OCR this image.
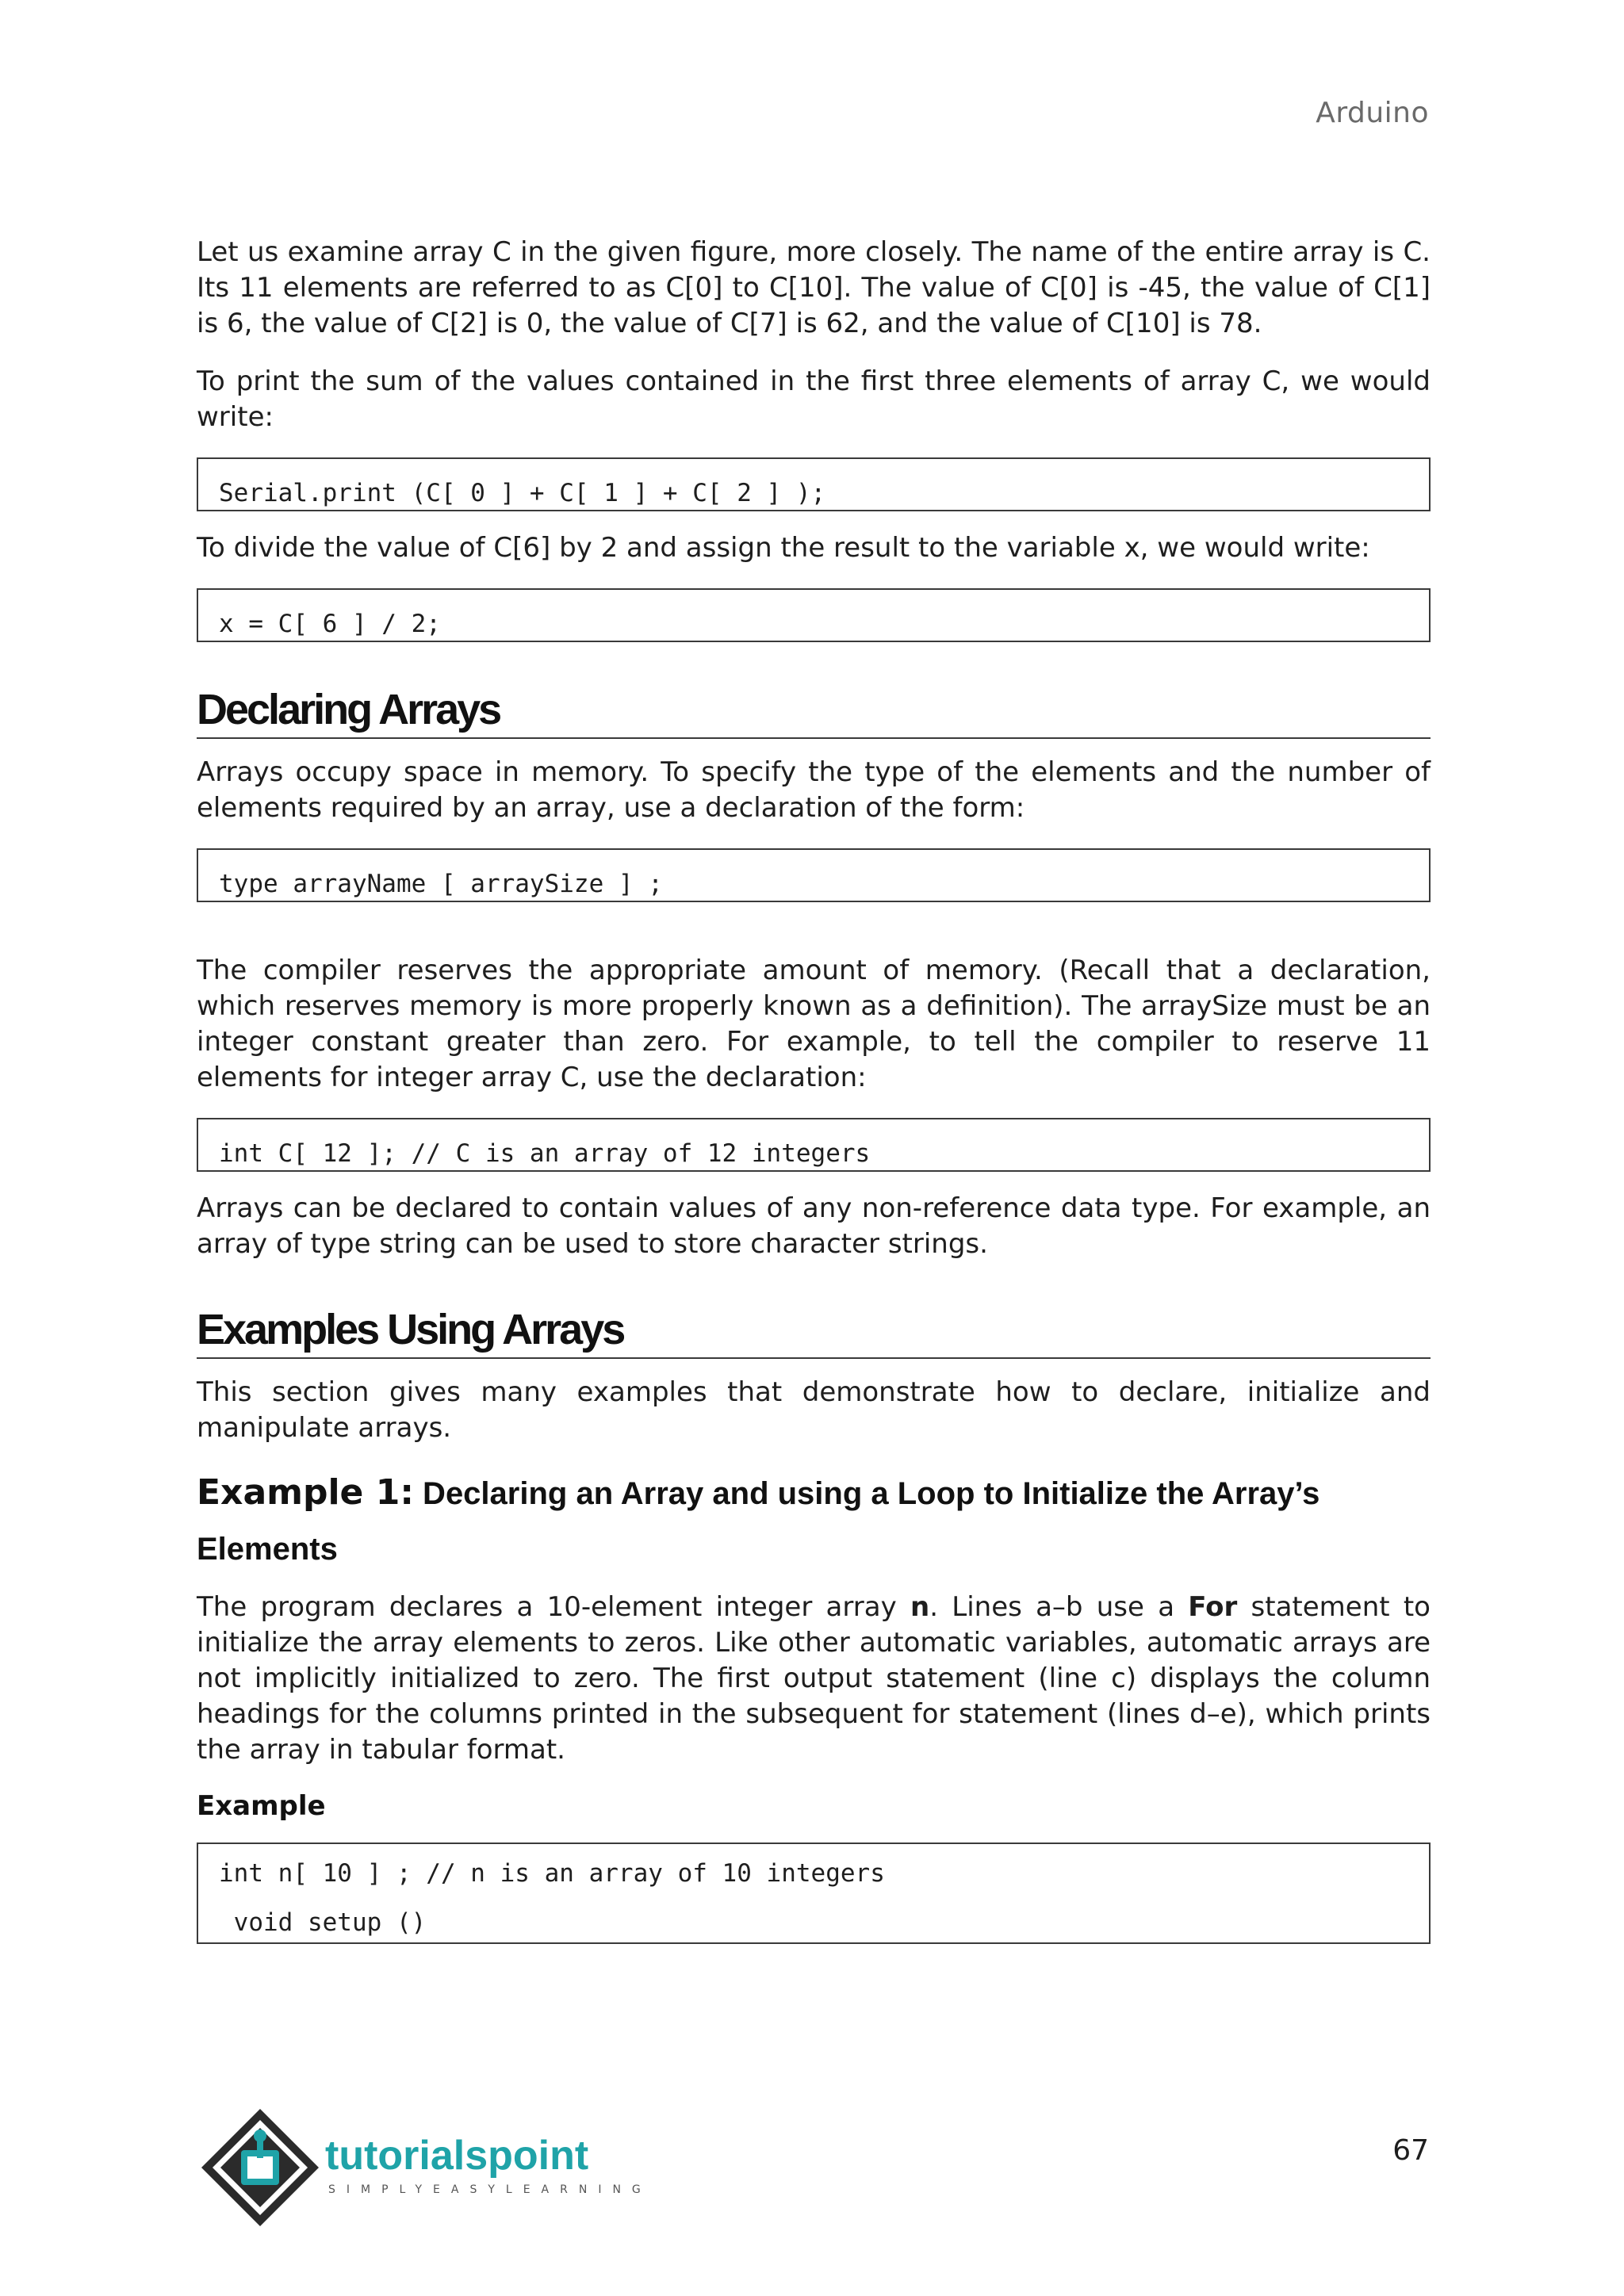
Arduino

Let us examine array C in the given figure, more closely. The name of the entire array is C. Its 11 elements are referred to as C[0] to C[10]. The value of C[0] is -45, the value of C[1] is 6, the value of C[2] is 0, the value of C[7] is 62, and the value of C[10] is 78.

To print the sum of the values contained in the first three elements of array C, we would write:

Serial.print (C[ 0 ] + C[ 1 ] + C[ 2 ] );

To divide the value of C[6] by 2 and assign the result to the variable x, we would write:

x = C[ 6 ] / 2;
Declaring Arrays

Arrays occupy space in memory. To specify the type of the elements and the number of elements required by an array, use a declaration of the form:

type arrayName [ arraySize ] ;

The compiler reserves the appropriate amount of memory. (Recall that a declaration, which reserves memory is more properly known as a definition). The arraySize must be an integer constant greater than zero. For example, to tell the compiler to reserve 11 elements for integer array C, use the declaration:

int C[ 12 ]; // C is an array of 12 integers

Arrays can be declared to contain values of any non-reference data type. For example, an array of type string can be used to store character strings.

Examples Using Arrays

This section gives many examples that demonstrate how to declare, initialize and manipulate arrays.

Example 1: Declaring an Array and using a Loop to Initialize the Array’s Elements

The program declares a 10-element integer array n. Lines a–b use a For statement to initialize the array elements to zeros. Like other automatic variables, automatic arrays are not implicitly initialized to zero. The first output statement (line c) displays the column headings for the columns printed in the subsequent for statement (lines d–e), which prints the array in tabular format.

Example
int n[ 10 ] ; // n is an array of 10 integers
void setup ()
tutorialspoint
SIMPLYEASYLEARNING
67
